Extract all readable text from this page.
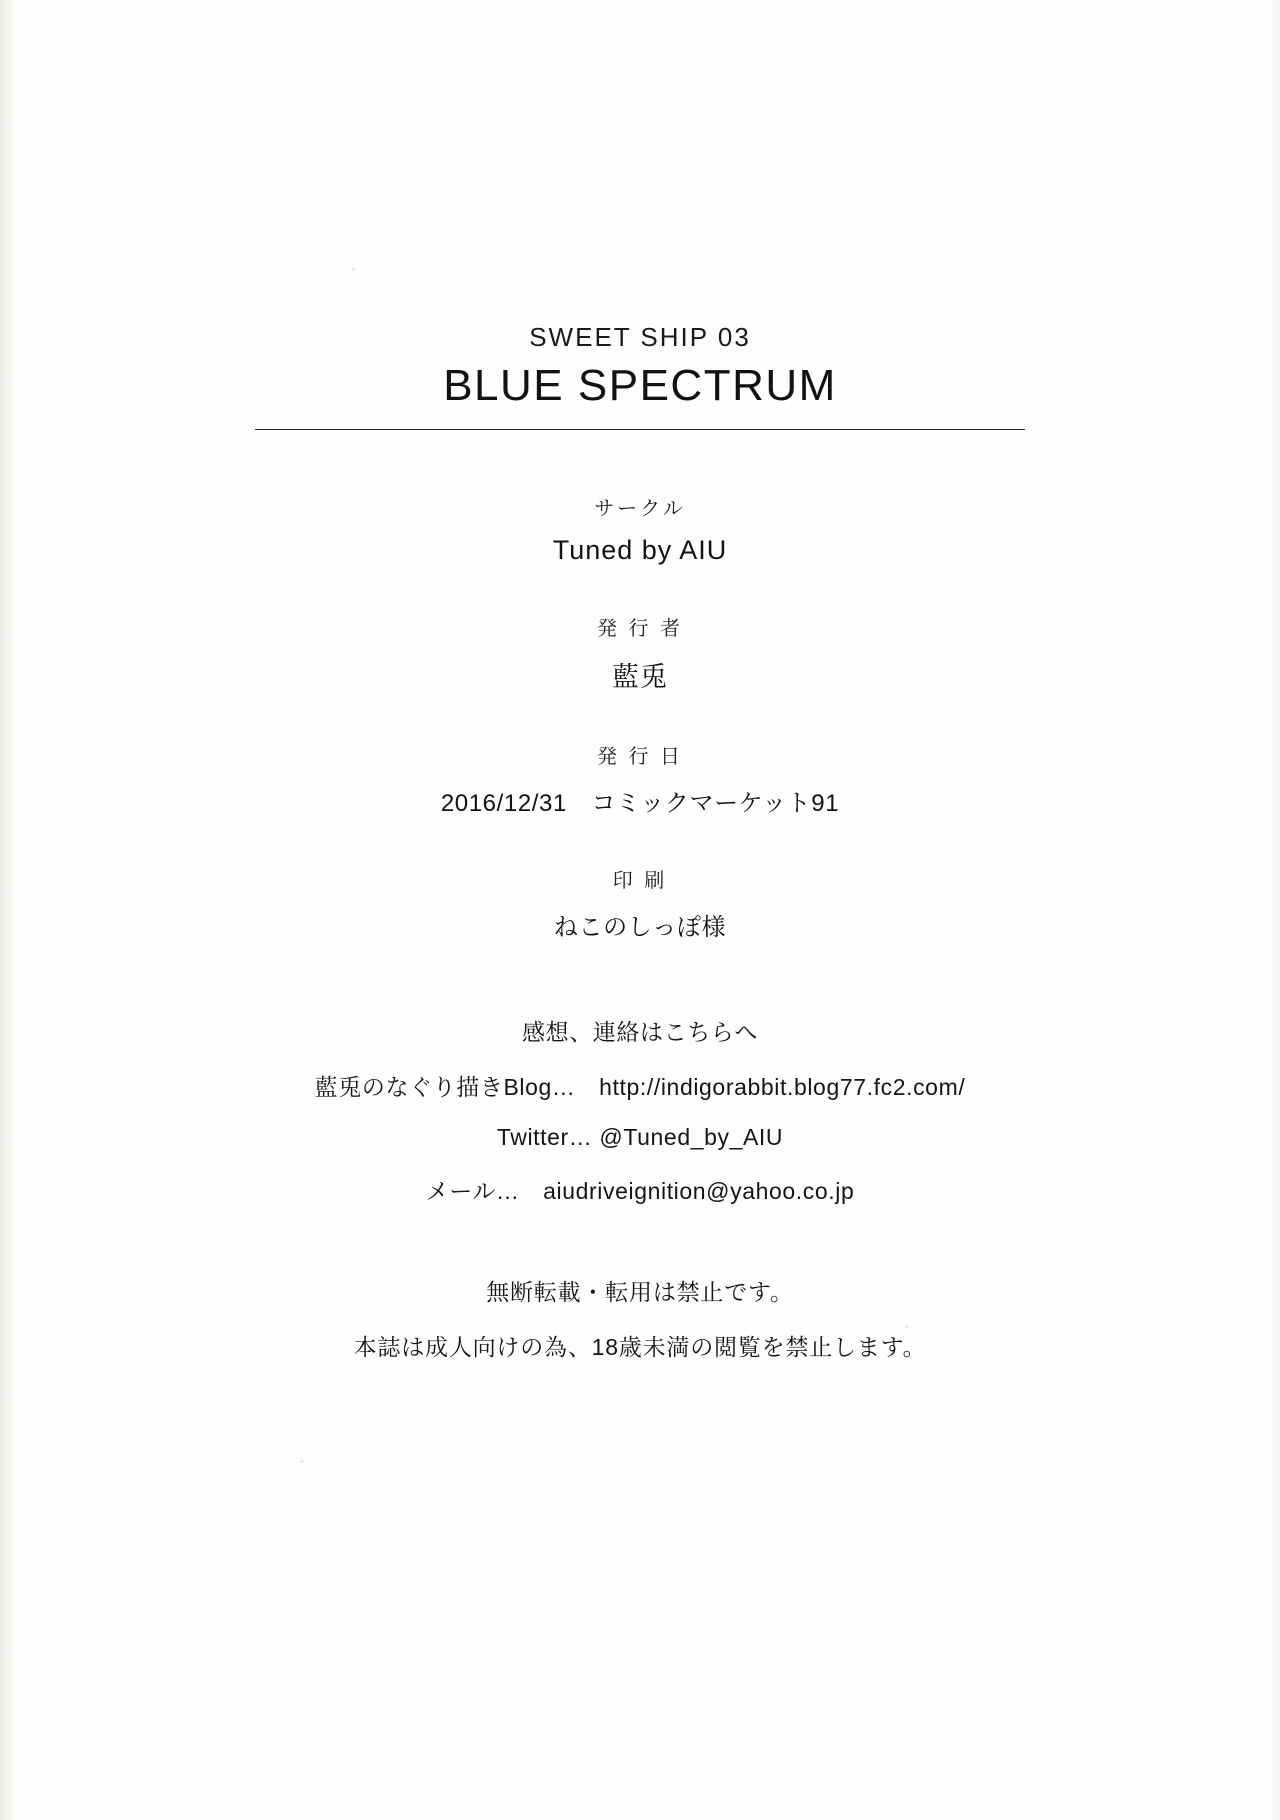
SWEET SHIP 03
BLUE SPECTRUM
サークル
Tuned by AIU
発 行 者
藍兎
発 行 日
2016/12/31　コミックマーケット91
印 刷
ねこのしっぽ様
感想、連絡はこちらへ
藍兎のなぐり描きBlog…　http://indigorabbit.blog77.fc2.com/
Twitter… @Tuned_by_AIU
メール…　aiudriveignition@yahoo.co.jp
無断転載・転用は禁止です。
本誌は成人向けの為、18歳未満の閲覧を禁止します。
